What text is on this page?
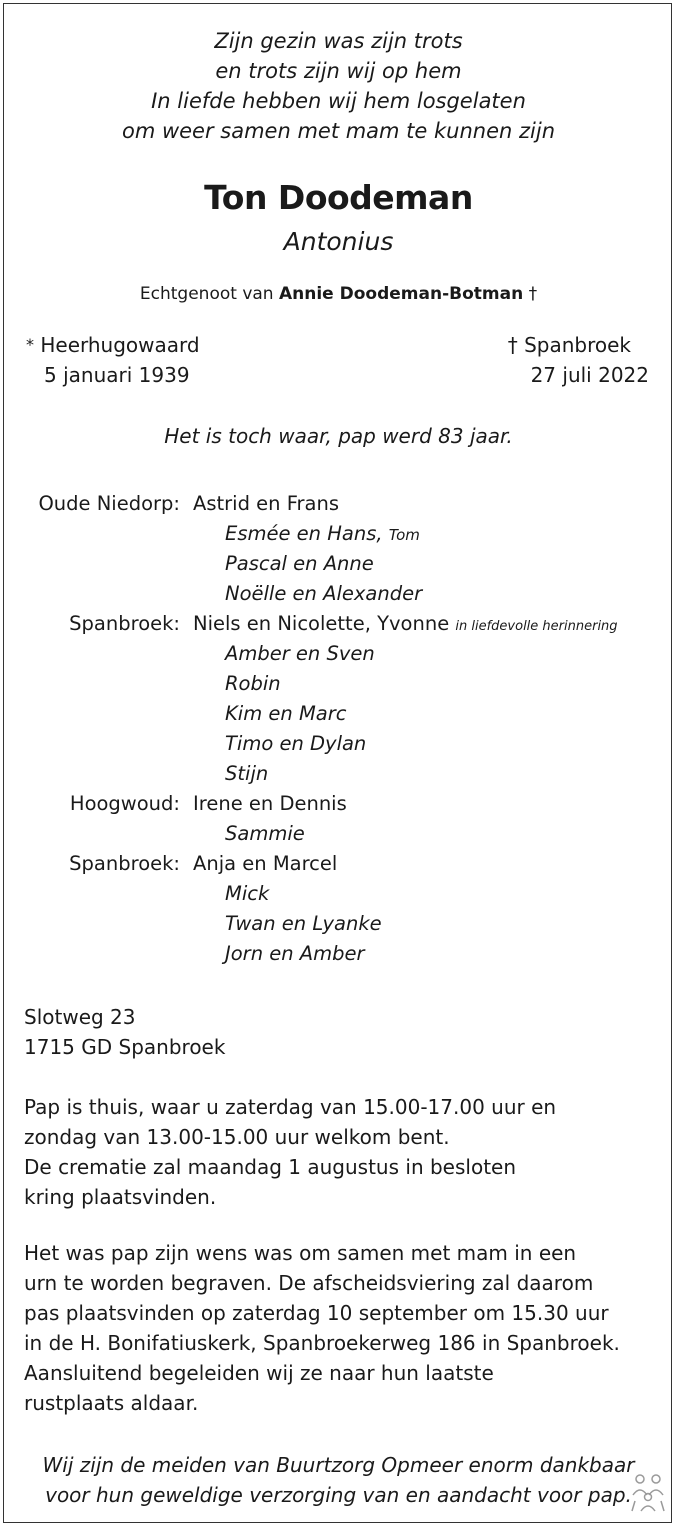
Zijn gezin was zijn trots
en trots zijn wij op hem
In liefde hebben wij hem losgelaten
om weer samen met mam te kunnen zijn
Ton Doodeman
Antonius
Echtgenoot van Annie Doodeman-Botman †
* Heerhugowaard
5 januari 1939
† Spanbroek
27 juli 2022
Het is toch waar, pap werd 83 jaar.
Oude Niedorp: Astrid en Frans
Esmée en Hans, Tom
Pascal en Anne
Noëlle en Alexander
Spanbroek: Niels en Nicolette, Yvonne in liefdevolle herinnering
Amber en Sven
Robin
Kim en Marc
Timo en Dylan
Stijn
Hoogwoud: Irene en Dennis
Sammie
Spanbroek: Anja en Marcel
Mick
Twan en Lyanke
Jorn en Amber
Slotweg 23
1715 GD Spanbroek
Pap is thuis, waar u zaterdag van 15.00-17.00 uur en
zondag van 13.00-15.00 uur welkom bent.
De crematie zal maandag 1 augustus in besloten
kring plaatsvinden.
Het was pap zijn wens was om samen met mam in een
urn te worden begraven. De afscheidsviering zal daarom
pas plaatsvinden op zaterdag 10 september om 15.30 uur
in de H. Bonifatiuskerk, Spanbroekerweg 186 in Spanbroek.
Aansluitend begeleiden wij ze naar hun laatste
rustplaats aldaar.
Wij zijn de meiden van Buurtzorg Opmeer enorm dankbaar
voor hun geweldige verzorging van en aandacht voor pap.
